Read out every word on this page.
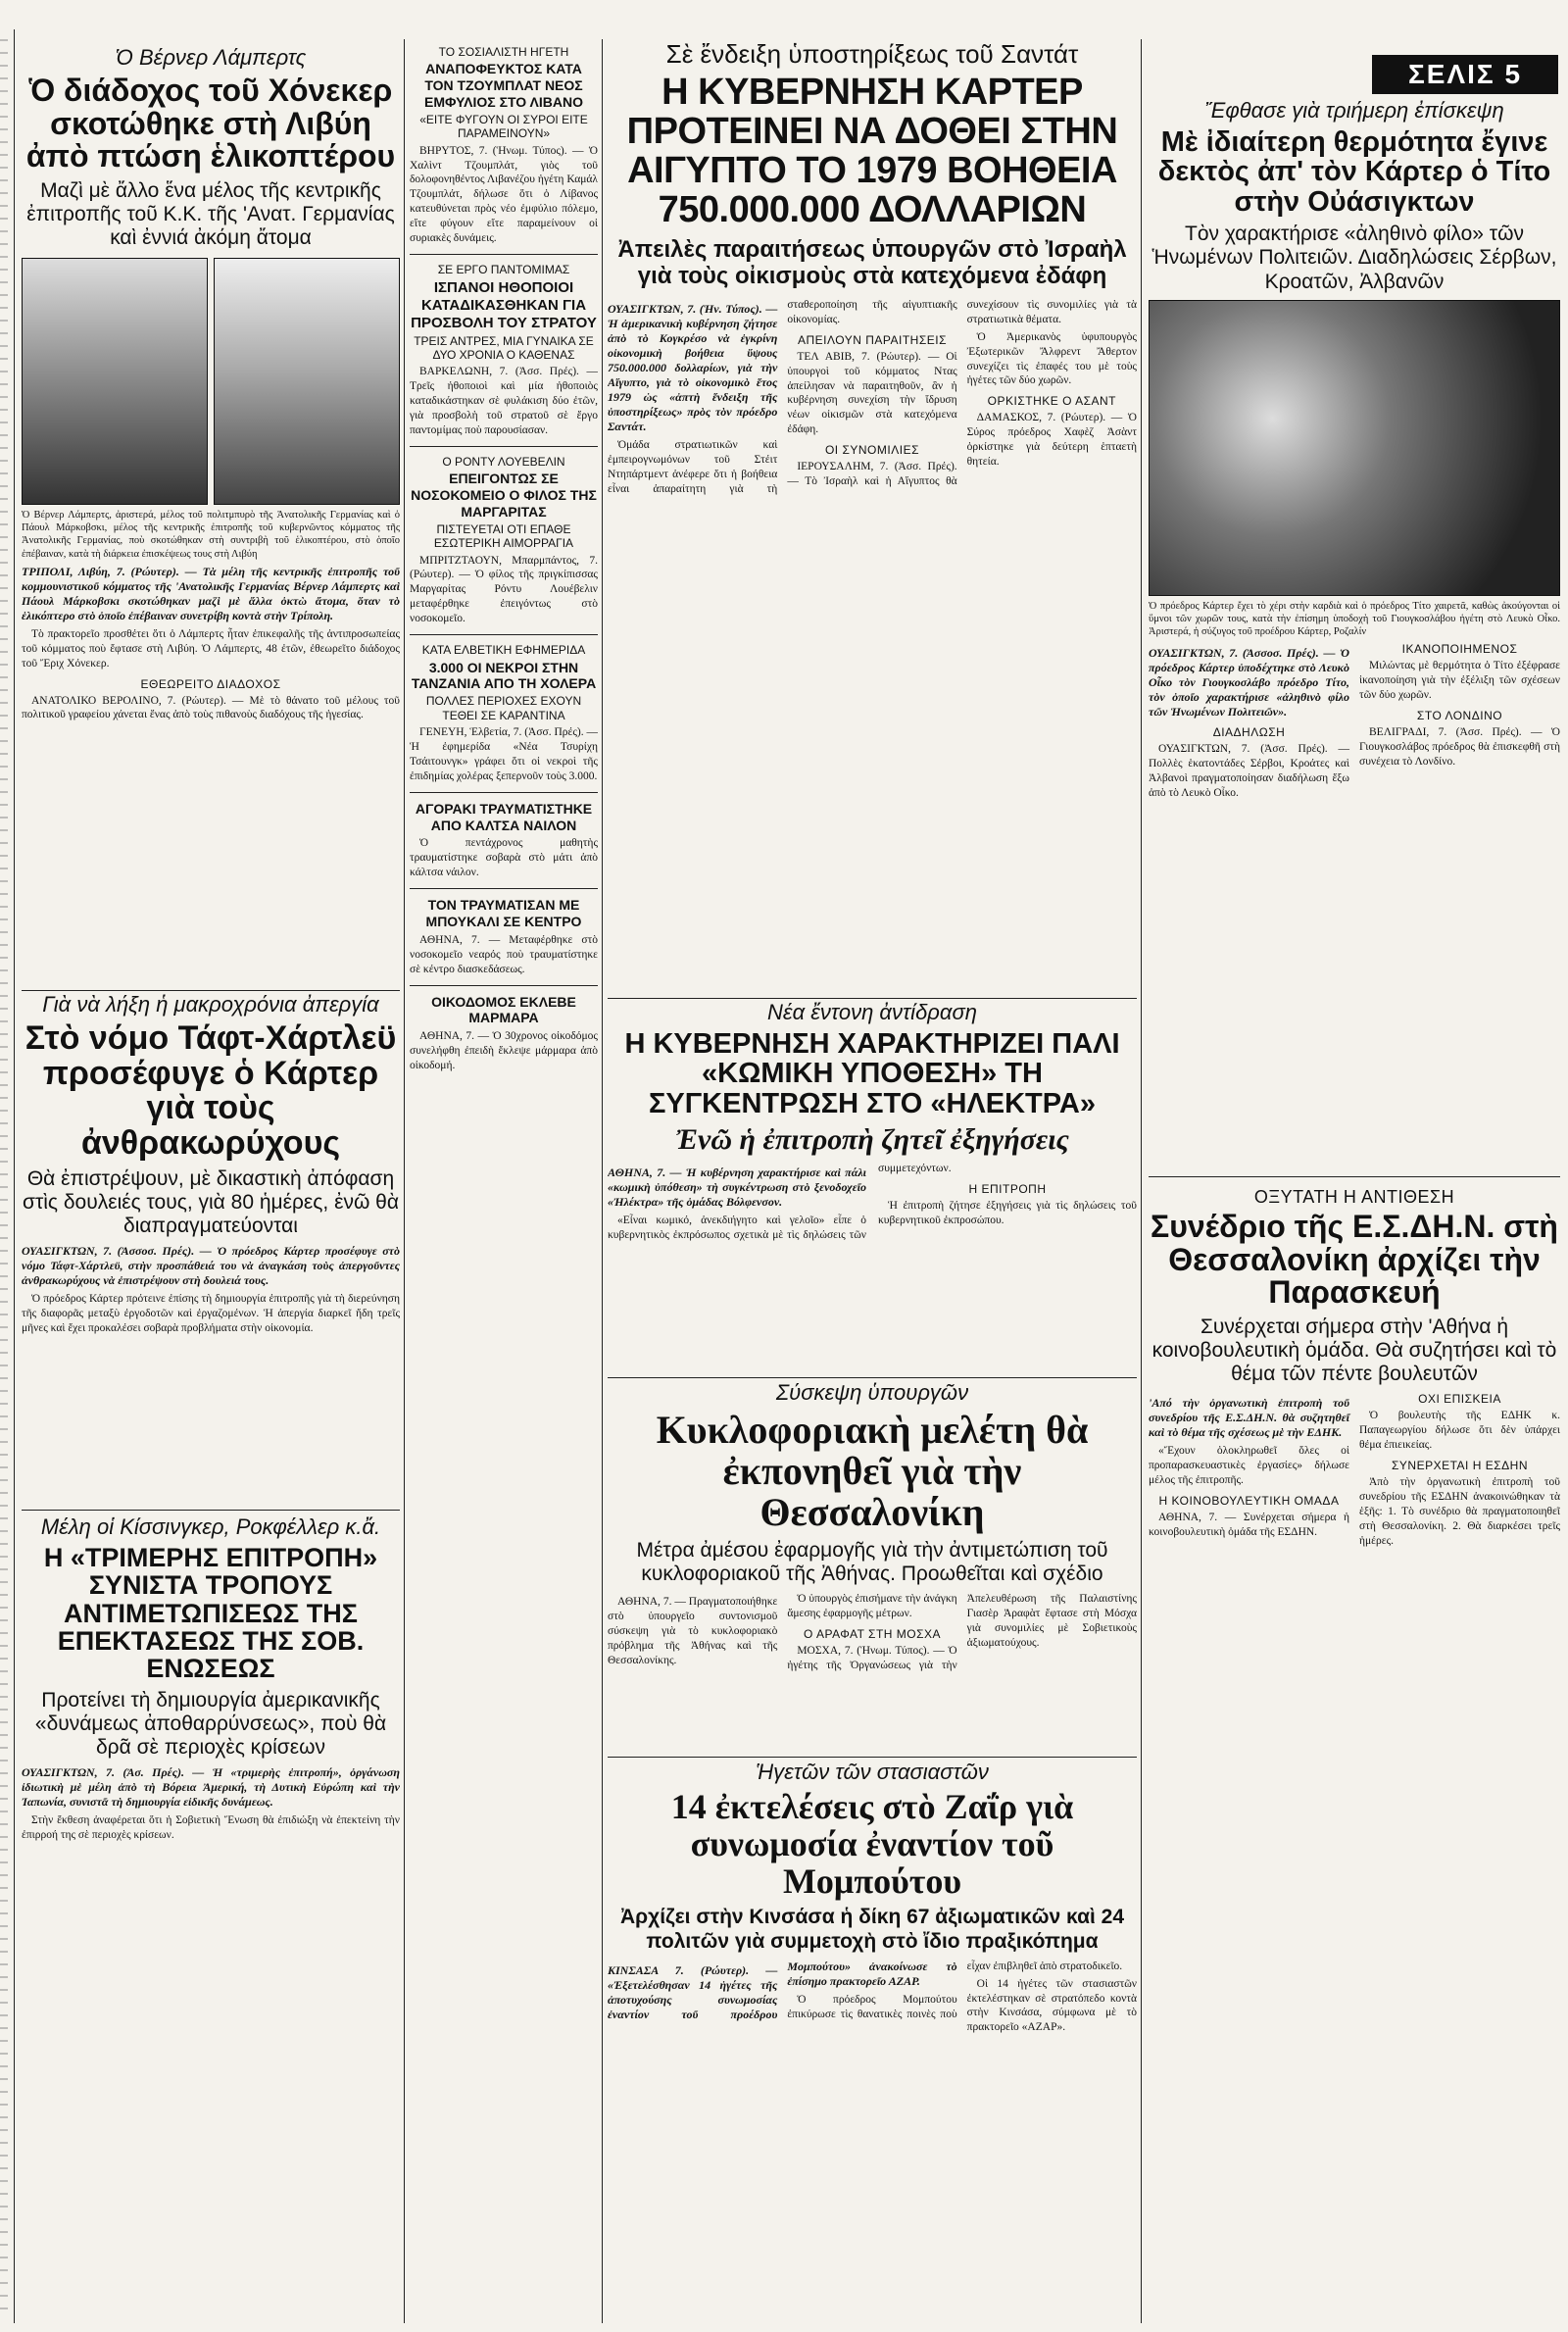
Ὁ Βέρνερ Λάμπερτς

Ὁ διάδοχος τοῦ Χόνεκερ σκοτώθηκε στὴ Λιβύη ἀπὸ πτώση ἑλικοπτέρου

Μαζὶ μὲ ἄλλο ἕνα μέλος τῆς κεντρικῆς ἐπιτροπῆς τοῦ Κ.Κ. τῆς 'Ανατ. Γερμανίας καὶ ἐννιά ἀκόμη ἄτομα

Ὁ Βέρνερ Λάμπερτς, ἀριστερά, μέλος τοῦ πολιτμπυρὸ τῆς Ἀνατολικῆς Γερμανίας καὶ ὁ Πάουλ Μάρκοβσκι, μέλος τῆς κεντρικῆς ἐπιτροπῆς τοῦ κυβερνῶντος κόμματος τῆς Ἀνατολικῆς Γερμανίας, ποὺ σκοτώθηκαν στὴ συντριβὴ τοῦ ἑλικοπτέρου, στὸ ὁποῖο ἐπέβαιναν, κατὰ τὴ διάρκεια ἐπισκέψεως τους στὴ Λιβύη

ΤΡΙΠΟΛΙ, Λιβύη, 7. (Ρώυτερ). — Τὰ μέλη τῆς κεντρικῆς ἐπιτροπῆς τοῦ κομμουνιστικοῦ κόμματος τῆς 'Ανατολικῆς Γερμανίας Βέρνερ Λάμπερτς καὶ Πάουλ Μάρκοβσκι σκοτώθηκαν μαζὶ μὲ ἄλλα ὀκτὼ ἄτομα, ὅταν τὸ ἑλικόπτερο στὸ ὁποῖο ἐπέβαιναν συνετρίβη κοντὰ στὴν Τρίπολη.

Τὸ πρακτορεῖο προσθέτει ὅτι ὁ Λάμπερτς ἦταν ἐπικεφαλῆς τῆς ἀντιπροσωπείας τοῦ κόμματος ποὺ ἔφτασε στὴ Λιβύη. Ὁ Λάμπερτς, 48 ἐτῶν, ἐθεωρεῖτο διάδοχος τοῦ Ἔριχ Χόνεκερ.

ΕΘΕΩΡΕΙΤΟ ΔΙΑΔΟΧΟΣ

ΑΝΑΤΟΛΙΚΟ ΒΕΡΟΛΙΝΟ, 7. (Ρώυτερ). — Μὲ τὸ θάνατο τοῦ μέλους τοῦ πολιτικοῦ γραφείου χάνεται ἕνας ἀπὸ τοὺς πιθανοὺς διαδόχους τῆς ἡγεσίας.

Γιὰ νὰ λήξη ἡ μακροχρόνια ἀπεργία

Στὸ νόμο Τάφτ-Χάρτλεϋ προσέφυγε ὁ Κάρτερ γιὰ τοὺς ἀνθρακωρύχους

Θὰ ἐπιστρέψουν, μὲ δικαστικὴ ἀπόφαση στὶς δουλειές τους, γιὰ 80 ἡμέρες, ἐνῶ θὰ διαπραγματεύονται

ΟΥΑΣΙΓΚΤΩΝ, 7. (Ἀσσοσ. Πρές). — Ὁ πρόεδρος Κάρτερ προσέφυγε στὸ νόμο Τάφτ-Χάρτλεϋ, στὴν προσπάθειά του νὰ ἀναγκάση τοὺς ἀπεργοῦντες ἀνθρακωρύχους νὰ ἐπιστρέψουν στὴ δουλειά τους.

Ὁ πρόεδρος Κάρτερ πρότεινε ἐπίσης τὴ δημιουργία ἐπιτροπῆς γιὰ τὴ διερεύνηση τῆς διαφορᾶς μεταξὺ ἐργοδοτῶν καὶ ἐργαζομένων. Ἡ ἀπεργία διαρκεῖ ἤδη τρεῖς μῆνες καὶ ἔχει προκαλέσει σοβαρὰ προβλήματα στὴν οἰκονομία.

Μέλη οἱ Κίσσινγκερ, Ροκφέλλερ κ.ἄ.

Η «ΤΡΙΜΕΡΗΣ ΕΠΙΤΡΟΠΗ» ΣΥΝΙΣΤΑ ΤΡΟΠΟΥΣ ΑΝΤΙΜΕΤΩΠΙΣΕΩΣ ΤΗΣ ΕΠΕΚΤΑΣΕΩΣ ΤΗΣ ΣΟΒ. ΕΝΩΣΕΩΣ

Προτείνει τὴ δημιουργία ἀμερικανικῆς «δυνάμεως ἀποθαρρύνσεως», ποὺ θὰ δρᾶ σὲ περιοχὲς κρίσεων

ΟΥΑΣΙΓΚΤΩΝ, 7. (Ἀσ. Πρές). — Ἡ «τριμερὴς ἐπιτροπή», ὀργάνωση ἰδιωτικὴ μὲ μέλη ἀπὸ τὴ Βόρεια Ἀμερική, τὴ Δυτικὴ Εὐρώπη καὶ τὴν Ἰαπωνία, συνιστᾶ τὴ δημιουργία εἰδικῆς δυνάμεως.

Στὴν ἔκθεση ἀναφέρεται ὅτι ἡ Σοβιετικὴ Ἕνωση θὰ ἐπιδιώξη νὰ ἐπεκτείνη τὴν ἐπιρροή της σὲ περιοχὲς κρίσεων.

ΤΟ ΣΟΣΙΑΛΙΣΤΗ ΗΓΕΤΗ

ΑΝΑΠΟΦΕΥΚΤΟΣ ΚΑΤΑ ΤΟΝ ΤΖΟΥΜΠΛΑΤ ΝΕΟΣ ΕΜΦΥΛΙΟΣ ΣΤΟ ΛΙΒΑΝΟ

«ΕΙΤΕ ΦΥΓΟΥΝ ΟΙ ΣΥΡΟΙ ΕΙΤΕ ΠΑΡΑΜΕΙΝΟΥΝ»

ΒΗΡΥΤΟΣ, 7. (Ἡνωμ. Τύπος). — Ὁ Χαλὶντ Τζουμπλάτ, γιὸς τοῦ δολοφονηθέντος Λιβανέζου ἡγέτη Καμάλ Τζουμπλάτ, δήλωσε ὅτι ὁ Λίβανος κατευθύνεται πρὸς νέο ἐμφύλιο πόλεμο, εἴτε φύγουν εἴτε παραμείνουν οἱ συριακὲς δυνάμεις.

ΣΕ ΕΡΓΟ ΠΑΝΤΟΜΙΜΑΣ

ΙΣΠΑΝΟΙ ΗΘΟΠΟΙΟΙ ΚΑΤΑΔΙΚΑΣΘΗΚΑΝ ΓΙΑ ΠΡΟΣΒΟΛΗ ΤΟΥ ΣΤΡΑΤΟΥ

ΤΡΕΙΣ ΑΝΤΡΕΣ, ΜΙΑ ΓΥΝΑΙΚΑ ΣΕ ΔΥΟ ΧΡΟΝΙΑ Ο ΚΑΘΕΝΑΣ

ΒΑΡΚΕΛΩΝΗ, 7. (Ἀσσ. Πρές). — Τρεῖς ἠθοποιοὶ καὶ μία ἠθοποιὸς καταδικάστηκαν σὲ φυλάκιση δύο ἐτῶν, γιὰ προσβολὴ τοῦ στρατοῦ σὲ ἔργο παντομίμας ποὺ παρουσίασαν.

Ο ΡΟΝΤΥ ΛΟΥΕΒΕΛΙΝ

ΕΠΕΙΓΟΝΤΩΣ ΣΕ ΝΟΣΟΚΟΜΕΙΟ Ο ΦΙΛΟΣ ΤΗΣ ΜΑΡΓΑΡΙΤΑΣ

ΠΙΣΤΕΥΕΤΑΙ ΟΤΙ ΕΠΑΘΕ ΕΣΩΤΕΡΙΚΗ ΑΙΜΟΡΡΑΓΙΑ

ΜΠΡΙΤΖΤΑΟΥΝ, Μπαρμπάντος, 7. (Ρώυτερ). — Ὁ φίλος τῆς πριγκίπισσας Μαργαρίτας Ρόντυ Λουέβελιν μεταφέρθηκε ἐπειγόντως στὸ νοσοκομεῖο.

ΚΑΤΑ ΕΛΒΕΤΙΚΗ ΕΦΗΜΕΡΙΔΑ

3.000 ΟΙ ΝΕΚΡΟΙ ΣΤΗΝ ΤΑΝΖΑΝΙΑ ΑΠΟ ΤΗ ΧΟΛΕΡΑ

ΠΟΛΛΕΣ ΠΕΡΙΟΧΕΣ ΕΧΟΥΝ ΤΕΘΕΙ ΣΕ ΚΑΡΑΝΤΙΝΑ

ΓΕΝΕΥΗ, Ἑλβετία, 7. (Ἀσσ. Πρές). — Ἡ ἐφημερίδα «Νέα Τσυρίχη Τσάιτουνγκ» γράφει ὅτι οἱ νεκροὶ τῆς ἐπιδημίας χολέρας ξεπερνοῦν τοὺς 3.000.

ΑΓΟΡΑΚΙ ΤΡΑΥΜΑΤΙΣΤΗΚΕ ΑΠΟ ΚΑΛΤΣΑ ΝΑΙΛΟΝ

Ὁ πεντάχρονος μαθητὴς τραυματίστηκε σοβαρὰ στὸ μάτι ἀπὸ κάλτσα νάιλον.

ΤΟΝ ΤΡΑΥΜΑΤΙΣΑΝ ΜΕ ΜΠΟΥΚΑΛΙ ΣΕ ΚΕΝΤΡΟ

ΑΘΗΝΑ, 7. — Μεταφέρθηκε στὸ νοσοκομεῖο νεαρός ποὺ τραυματίστηκε σὲ κέντρο διασκεδάσεως.

ΟΙΚΟΔΟΜΟΣ ΕΚΛΕΒΕ ΜΑΡΜΑΡΑ

ΑΘΗΝΑ, 7. — Ὁ 30χρονος οἰκοδόμος συνελήφθη ἐπειδὴ ἔκλεψε μάρμαρα ἀπὸ οἰκοδομή.

Σὲ ἔνδειξη ὑποστηρίξεως τοῦ Σαντάτ

Η ΚΥΒΕΡΝΗΣΗ ΚΑΡΤΕΡ ΠΡΟΤΕΙΝΕΙ ΝΑ ΔΟΘΕΙ ΣΤΗΝ ΑΙΓΥΠΤΟ ΤΟ 1979 ΒΟΗΘΕΙΑ 750.000.000 ΔΟΛΛΑΡΙΩΝ

Ἀπειλὲς παραιτήσεως ὑπουργῶν στὸ Ἰσραὴλ γιὰ τοὺς οἰκισμοὺς στὰ κατεχόμενα ἐδάφη

ΟΥΑΣΙΓΚΤΩΝ, 7. (Ἡν. Τύπος). — Ἡ ἀμερικανικὴ κυβέρνηση ζήτησε ἀπὸ τὸ Κογκρέσο νὰ ἐγκρίνη οἰκονομικὴ βοήθεια ὕψους 750.000.000 δολλαρίων, γιὰ τὴν Αἴγυπτο, γιὰ τὸ οἰκονομικὸ ἔτος 1979 ὡς «ἁπτὴ ἔνδειξη τῆς ὑποστηρίξεως» πρὸς τὸν πρόεδρο Σαντάτ.

Ὁμάδα στρατιωτικῶν καὶ ἐμπειρογνωμόνων τοῦ Στέιτ Ντηπάρτμεντ ἀνέφερε ὅτι ἡ βοήθεια εἶναι ἀπαραίτητη γιὰ τὴ σταθεροποίηση τῆς αἰγυπτιακῆς οἰκονομίας.

ΑΠΕΙΛΟΥΝ ΠΑΡΑΙΤΗΣΕΙΣ

ΤΕΛ ΑΒΙΒ, 7. (Ρώυτερ). — Οἱ ὑπουργοὶ τοῦ κόμματος Ντας ἀπείλησαν νὰ παραιτηθοῦν, ἂν ἡ κυβέρνηση συνεχίση τὴν ἵδρυση νέων οἰκισμῶν στὰ κατεχόμενα ἐδάφη.

ΟΙ ΣΥΝΟΜΙΛΙΕΣ

ΙΕΡΟΥΣΑΛΗΜ, 7. (Ἀσσ. Πρές). — Τὸ Ἰσραὴλ καὶ ἡ Αἴγυπτος θὰ συνεχίσουν τὶς συνομιλίες γιὰ τὰ στρατιωτικὰ θέματα.

Ὁ Ἀμερικανὸς ὑφυπουργὸς Ἐξωτερικῶν Ἄλφρεντ Ἄθερτον συνεχίζει τὶς ἐπαφές του μὲ τοὺς ἡγέτες τῶν δύο χωρῶν.

ΟΡΚΙΣΤΗΚΕ Ο ΑΣΑΝΤ

ΔΑΜΑΣΚΟΣ, 7. (Ρώυτερ). — Ὁ Σύρος πρόεδρος Χαφὲζ Ἀσὰντ ὁρκίστηκε γιὰ δεύτερη ἑπταετὴ θητεία.

Νέα ἔντονη ἀντίδραση

Η ΚΥΒΕΡΝΗΣΗ ΧΑΡΑΚΤΗΡΙΖΕΙ ΠΑΛΙ «ΚΩΜΙΚΗ ΥΠΟΘΕΣΗ» ΤΗ ΣΥΓΚΕΝΤΡΩΣΗ ΣΤΟ «ΗΛΕΚΤΡΑ»
Ἐνῶ ἡ ἐπιτροπὴ ζητεῖ ἐξηγήσεις

ΑΘΗΝΑ, 7. — Ἡ κυβέρνηση χαρακτήρισε καὶ πάλι «κωμικὴ ὑπόθεση» τὴ συγκέντρωση στὸ ξενοδοχεῖο «Ἠλέκτρα» τῆς ὁμάδας Βόλφενσον.

«Εἶναι κωμικό, ἀνεκδιήγητο καὶ γελοῖο» εἶπε ὁ κυβερνητικὸς ἐκπρόσωπος σχετικὰ μὲ τὶς δηλώσεις τῶν συμμετεχόντων.

Η ΕΠΙΤΡΟΠΗ

Ἡ ἐπιτροπὴ ζήτησε ἐξηγήσεις γιὰ τὶς δηλώσεις τοῦ κυβερνητικοῦ ἐκπροσώπου.

Σύσκεψη ὑπουργῶν

Κυκλοφοριακὴ μελέτη θὰ ἐκπονηθεῖ γιὰ τὴν Θεσσαλονίκη

Μέτρα ἀμέσου ἐφαρμογῆς γιὰ τὴν ἀντιμετώπιση τοῦ κυκλοφοριακοῦ τῆς Ἀθήνας. Προωθεῖται καὶ σχέδιο

ΑΘΗΝΑ, 7. — Πραγματοποιήθηκε στὸ ὑπουργεῖο συντονισμοῦ σύσκεψη γιὰ τὸ κυκλοφοριακὸ πρόβλημα τῆς Ἀθήνας καὶ τῆς Θεσσαλονίκης.

Ὁ ὑπουργὸς ἐπισήμανε τὴν ἀνάγκη ἄμεσης ἐφαρμογῆς μέτρων.

Ο ΑΡΑΦΑΤ ΣΤΗ ΜΟΣΧΑ

ΜΟΣΧΑ, 7. (Ἡνωμ. Τύπος). — Ὁ ἡγέτης τῆς Ὀργανώσεως γιὰ τὴν Ἀπελευθέρωση τῆς Παλαιστίνης Γιασὲρ Ἀραφὰτ ἔφτασε στὴ Μόσχα γιὰ συνομιλίες μὲ Σοβιετικοὺς ἀξιωματούχους.

Ἡγετῶν τῶν στασιαστῶν

14 ἐκτελέσεις στὸ Ζαΐρ γιὰ συνωμοσία ἐναντίον τοῦ Μομπούτου

Ἀρχίζει στὴν Κινσάσα ἡ δίκη 67 ἀξιωματικῶν καὶ 24 πολιτῶν γιὰ συμμετοχὴ στὸ ἴδιο πραξικόπημα

ΚΙΝΣΑΣΑ 7. (Ρώυτερ). — «Ἐξετελέσθησαν 14 ἡγέτες τῆς ἀποτυχούσης συνωμοσίας ἐναντίον τοῦ προέδρου Μομπούτου» ἀνακοίνωσε τὸ ἐπίσημο πρακτορεῖο ΑΖΑΡ.

Ὁ πρόεδρος Μομπούτου ἐπικύρωσε τὶς θανατικὲς ποινὲς ποὺ εἶχαν ἐπιβληθεῖ ἀπὸ στρατοδικεῖο.

Οἱ 14 ἡγέτες τῶν στασιαστῶν ἐκτελέστηκαν σὲ στρατόπεδο κοντὰ στὴν Κινσάσα, σύμφωνα μὲ τὸ πρακτορεῖο «ΑΖΑΡ».

ΣΕΛΙΣ 5

Ἔφθασε γιὰ τριήμερη ἐπίσκεψη

Μὲ ἰδιαίτερη θερμότητα ἔγινε δεκτὸς ἀπ' τὸν Κάρτερ ὁ Τίτο στὴν Οὐάσιγκτων

Τὸν χαρακτήρισε «ἀληθινὸ φίλο» τῶν Ἡνωμένων Πολιτειῶν. Διαδηλώσεις Σέρβων, Κροατῶν, Ἀλβανῶν

Ὁ πρόεδρος Κάρτερ ἔχει τὸ χέρι στὴν καρδιὰ καὶ ὁ πρόεδρος Τίτο χαιρετᾶ, καθὼς ἀκούγονται οἱ ὕμνοι τῶν χωρῶν τους, κατὰ τὴν ἐπίσημη ὑποδοχὴ τοῦ Γιουγκοσλάβου ἡγέτη στὸ Λευκὸ Οἶκο. Ἀριστερά, ἡ σύζυγος τοῦ προέδρου Κάρτερ, Ροζαλίν

ΟΥΑΣΙΓΚΤΩΝ, 7. (Ἀσσοσ. Πρές). — Ὁ πρόεδρος Κάρτερ ὑποδέχτηκε στὸ Λευκὸ Οἶκο τὸν Γιουγκοσλάβο πρόεδρο Τίτο, τὸν ὁποῖο χαρακτήρισε «ἀληθινὸ φίλο τῶν Ἡνωμένων Πολιτειῶν».

ΔΙΑΔΗΛΩΣΗ

ΟΥΑΣΙΓΚΤΩΝ, 7. (Ἀσσ. Πρές). — Πολλὲς ἑκατοντάδες Σέρβοι, Κροάτες καὶ Ἀλβανοὶ πραγματοποίησαν διαδήλωση ἔξω ἀπὸ τὸ Λευκὸ Οἶκο.

ΙΚΑΝΟΠΟΙΗΜΕΝΟΣ

Μιλώντας μὲ θερμότητα ὁ Τίτο ἐξέφρασε ἱκανοποίηση γιὰ τὴν ἐξέλιξη τῶν σχέσεων τῶν δύο χωρῶν.

ΣΤΟ ΛΟΝΔΙΝΟ

ΒΕΛΙΓΡΑΔΙ, 7. (Ἀσσ. Πρές). — Ὁ Γιουγκοσλάβος πρόεδρος θὰ ἐπισκεφθῆ στὴ συνέχεια τὸ Λονδίνο.

ΟΞΥΤΑΤΗ Η ΑΝΤΙΘΕΣΗ

Συνέδριο τῆς Ε.Σ.ΔΗ.Ν. στὴ Θεσσαλονίκη ἀρχίζει τὴν Παρασκευή

Συνέρχεται σήμερα στὴν 'Αθήνα ἡ κοινοβουλευτικὴ ὁμάδα. Θὰ συζητήσει καὶ τὸ θέμα τῶν πέντε βουλευτῶν

'Από τὴν ὀργανωτικὴ ἐπιτροπὴ τοῦ συνεδρίου τῆς Ε.Σ.ΔΗ.Ν. θὰ συζητηθεῖ καὶ τὸ θέμα τῆς σχέσεως μὲ τὴν ΕΔΗΚ.

«Ἔχουν ὁλοκληρωθεῖ ὅλες οἱ προπαρασκευαστικὲς ἐργασίες» δήλωσε μέλος τῆς ἐπιτροπῆς.

Η ΚΟΙΝΟΒΟΥΛΕΥΤΙΚΗ ΟΜΑΔΑ

ΑΘΗΝΑ, 7. — Συνέρχεται σήμερα ἡ κοινοβουλευτικὴ ὁμάδα τῆς ΕΣΔΗΝ.

ΟΧΙ ΕΠΙΣΚΕΙΑ

Ὁ βουλευτὴς τῆς ΕΔΗΚ κ. Παπαγεωργίου δήλωσε ὅτι δὲν ὑπάρχει θέμα ἐπιεικείας.

ΣΥΝΕΡΧΕΤΑΙ Η ΕΣΔΗΝ

Ἀπὸ τὴν ὀργανωτικὴ ἐπιτροπὴ τοῦ συνεδρίου τῆς ΕΣΔΗΝ ἀνακοινώθηκαν τὰ ἑξῆς: 1. Τὸ συνέδριο θὰ πραγματοποιηθεῖ στὴ Θεσσαλονίκη. 2. Θὰ διαρκέσει τρεῖς ἡμέρες.
